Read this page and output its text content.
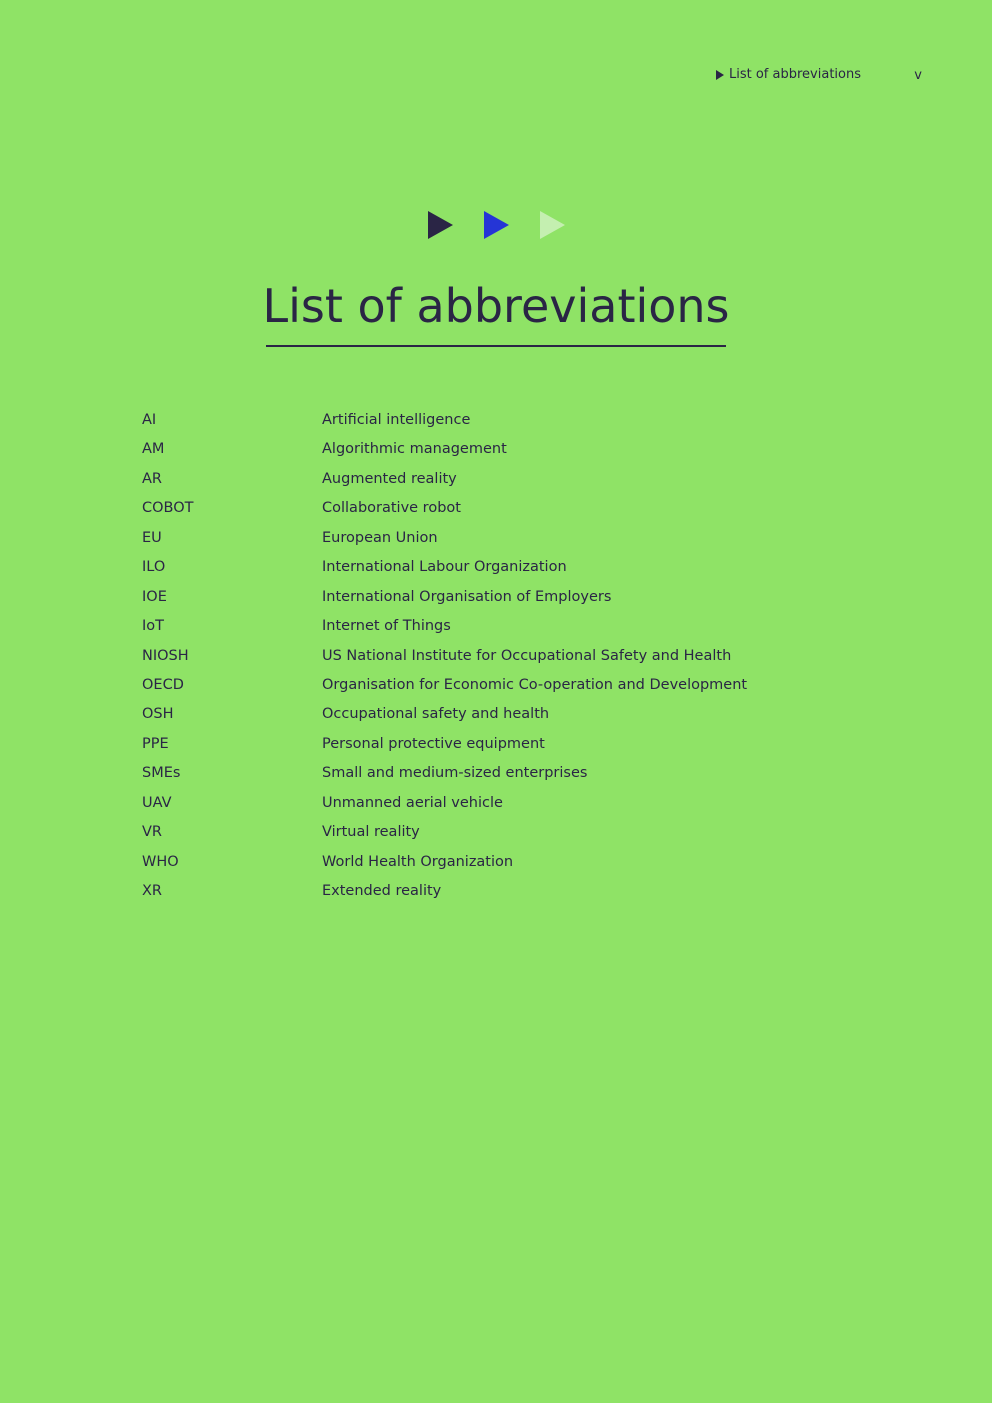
List of abbreviations	v
List of abbreviations
AI	Artificial intelligence
AM	Algorithmic management
AR	Augmented reality
COBOT	Collaborative robot
EU	European Union
ILO	International Labour Organization
IOE	International Organisation of Employers
IoT	Internet of Things
NIOSH	US National Institute for Occupational Safety and Health
OECD	Organisation for Economic Co-operation and Development
OSH	Occupational safety and health
PPE	Personal protective equipment
SMEs	Small and medium-sized enterprises
UAV	Unmanned aerial vehicle
VR	Virtual reality
WHO	World Health Organization
XR	Extended reality
